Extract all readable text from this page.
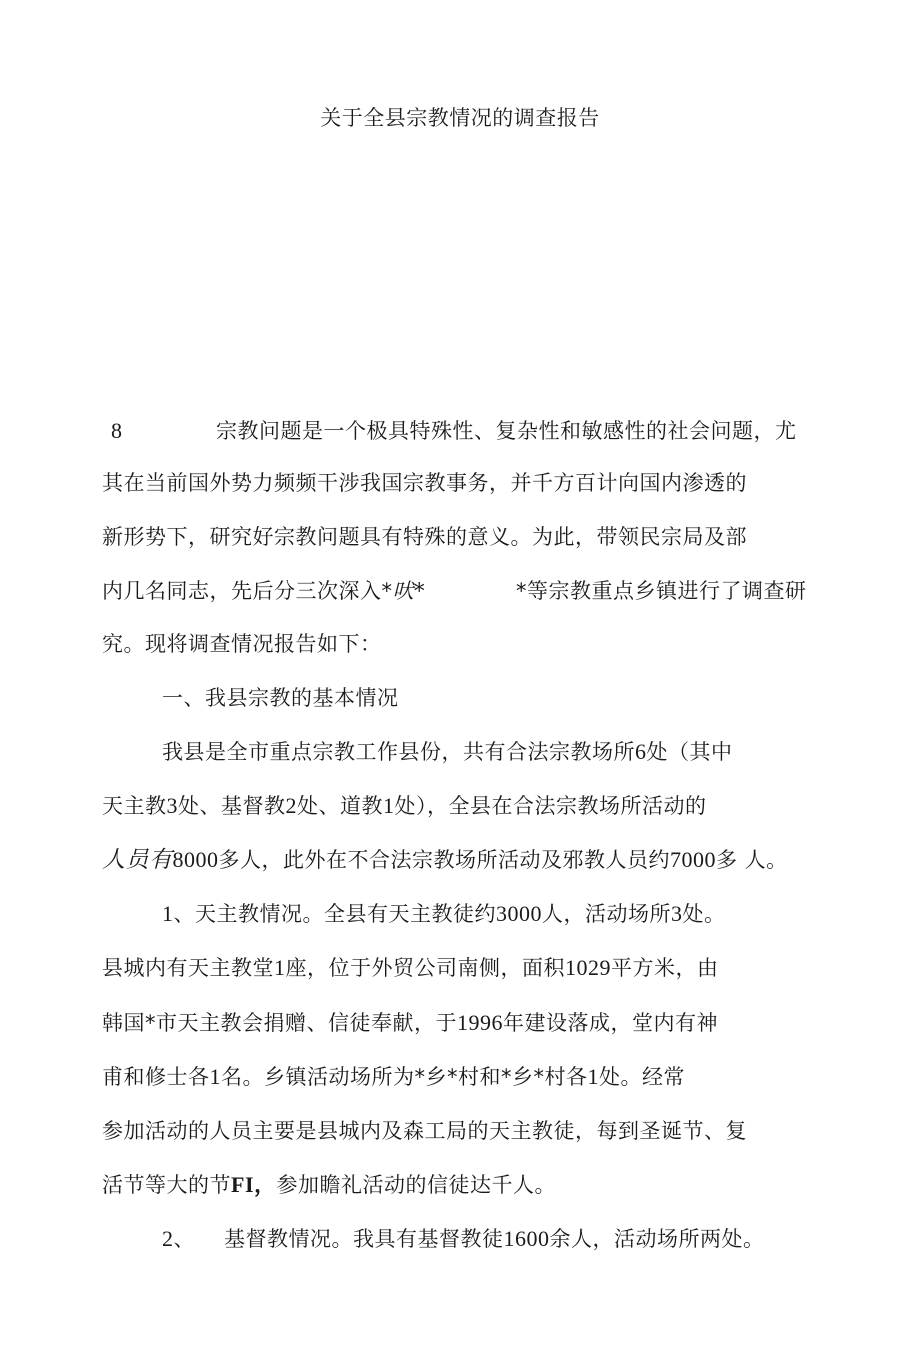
关于全县宗教情况的调查报告
8	宗教问题是一个极具特殊性、复杂性和敏感性的社会问题，尤
其在当前国外势力频频干涉我国宗教事务，并千方百计向国内渗透的
新形势下，研究好宗教问题具有特殊的意义。为此，带领民宗局及部
内几名同志，先后分三次深入*吠*	*等宗教重点乡镇进行了调查研
究。现将调查情况报告如下：
一、我县宗教的基本情况
我县是全市重点宗教工作县份，共有合法宗教场所6处（其中
天主教3处、基督教2处、道教1处），全县在合法宗教场所活动的
人员有8000多人，此外在不合法宗教场所活动及邪教人员约7000多 人。
1、天主教情况。全县有天主教徒约3000人，活动场所3处。
县城内有天主教堂1座，位于外贸公司南侧，面积1029平方米，由
韩国*市天主教会捐赠、信徒奉献，于1996年建设落成，堂内有神
甫和修士各1名。乡镇活动场所为*乡*村和*乡*村各1处。经常
参加活动的人员主要是县城内及森工局的天主教徒，每到圣诞节、复
活节等大的节FI，参加瞻礼活动的信徒达千人。
2、 基督教情况。我具有基督教徒1600余人，活动场所两处。
